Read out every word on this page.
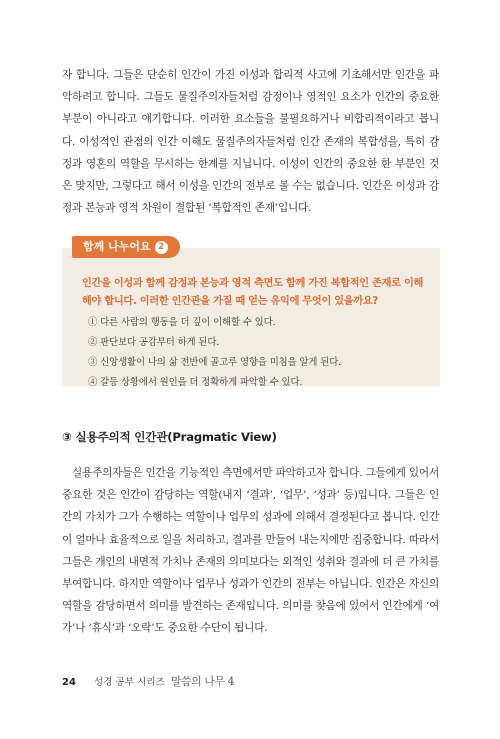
자 합니다. 그들은 단순히 인간이 가진 이성과 합리적 사고에 기초해서만 인간을 파악하려고 합니다. 그들도 물질주의자들처럼 감정이나 영적인 요소가 인간의 중요한 부분이 아니라고 얘기합니다. 이러한 요소들을 불필요하거나 비합리적이라고 봅니다. 이성적인 관점의 인간 이해도 물질주의자들처럼 인간 존재의 복합성을, 특히 감정과 영혼의 역할을 무시하는 한계를 지닙니다. 이성이 인간의 중요한 한 부분인 것은 맞지만, 그렇다고 해서 이성을 인간의 전부로 볼 수는 없습니다. 인간은 이성과 감정과 본능과 영적 차원이 결합된 ‘복합적인 존재’입니다.

함께 나누어요 2

인간을 이성과 함께 감정과 본능과 영적 측면도 함께 가진 복합적인 존재로 이해해야 합니다. 이러한 인간관을 가질 때 얻는 유익에 무엇이 있을까요?

① 다른 사람의 행동을 더 깊이 이해할 수 있다.
② 판단보다 공감부터 하게 된다.
③ 신앙생활이 나의 삶 전반에 골고루 영향을 미침을 알게 된다.
④ 갈등 상황에서 원인을 더 정확하게 파악할 수 있다.
③ 실용주의적 인간관(Pragmatic View)

실용주의자들은 인간을 기능적인 측면에서만 파악하고자 합니다. 그들에게 있어서 중요한 것은 인간이 감당하는 역할(내지 ‘결과’, ‘업무’, ‘성과’ 등)입니다. 그들은 인간의 가치가 그가 수행하는 역할이나 업무의 성과에 의해서 결정된다고 봅니다. 인간이 얼마나 효율적으로 일을 처리하고, 결과를 만들어 내는지에만 집중합니다. 따라서 그들은 개인의 내면적 가치나 존재의 의미보다는 외적인 성취와 결과에 더 큰 가치를 부여합니다. 하지만 역할이나 업무나 성과가 인간의 전부는 아닙니다. 인간은 자신의 역할을 감당하면서 의미를 발견하는 존재입니다. 의미를 찾음에 있어서 인간에게 ‘여가’나 ‘휴식’과 ‘오락’도 중요한 수단이 됩니다.

24 성경 공부 시리즈 말씀의 나무 4
